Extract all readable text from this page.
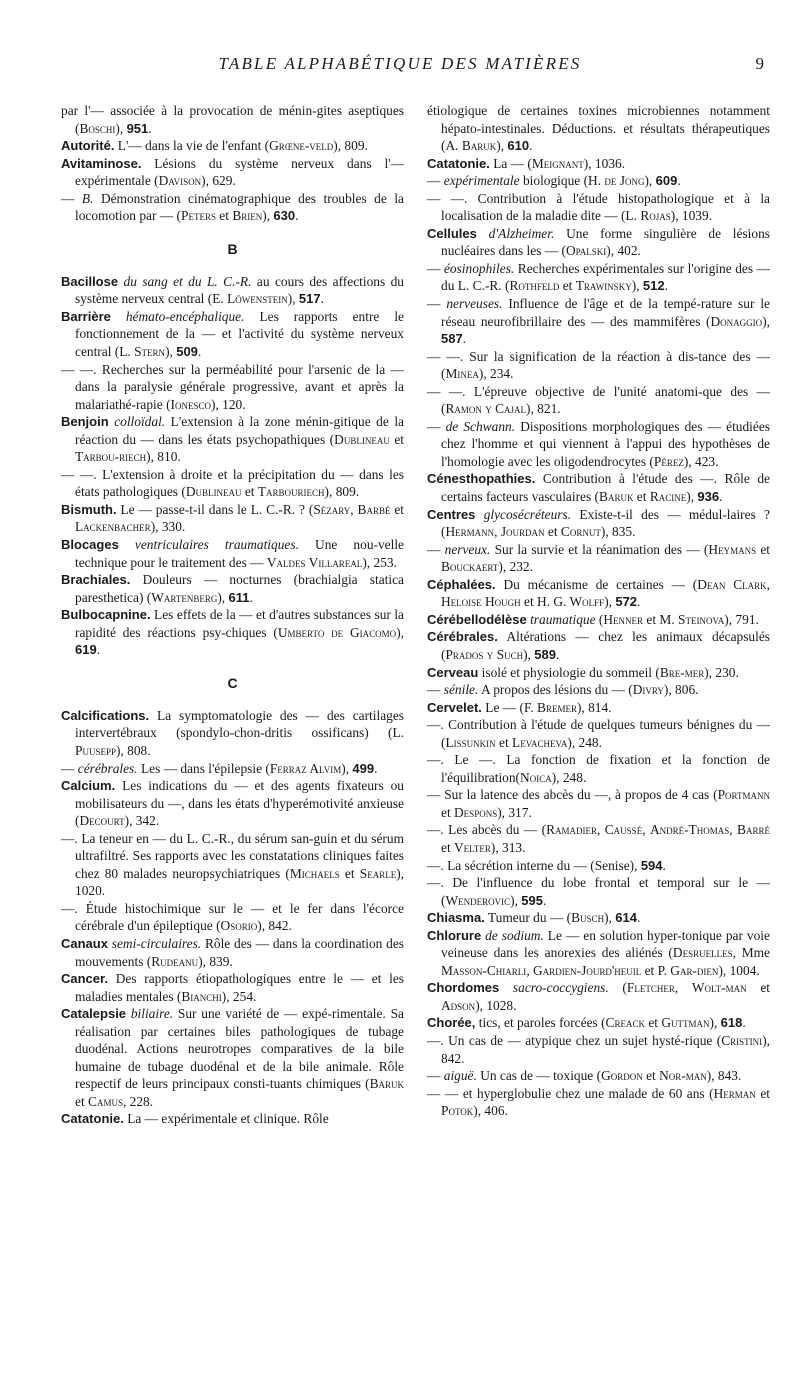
TABLE ALPHABÉTIQUE DES MATIÈRES	9
par l'— associée à la provocation de ménin-gites aseptiques (Boschi), 951.
Autorité. L'— dans la vie de l'enfant (Grœne-veld), 809.
Avitaminose. Lésions du système nerveux dans l'— expérimentale (Davison), 629.
— B. Démonstration cinématographique des troubles de la locomotion par — (Peters et Brien), 630.
B
Bacillose du sang et du L. C.-R. au cours des affections du système nerveux central (E. Löwenstein), 517.
Barrière hémato-encéphalique. Les rapports entre le fonctionnement de la — et l'activité du système nerveux central (L. Stern), 509.
— —. Recherches sur la perméabilité pour l'arsenic de la — dans la paralysie générale progressive, avant et après la malariathé-rapie (Ionesco), 120.
Benjoin colloïdal. L'extension à la zone ménin-gitique de la réaction du — dans les états psychopathiques (Dublineau et Tarbou-riech), 810.
— —. L'extension à droite et la précipitation du — dans les états pathologiques (Dublineau et Tarbouriech), 809.
Bismuth. Le — passe-t-il dans le L. C.-R. ? (Sézary, Barbé et Lackenbacher), 330.
Blocages ventriculaires traumatiques. Une nou-velle technique pour le traitement des — Valdes Villareal), 253.
Brachiales. Douleurs — nocturnes (brachialgia statica paresthetica) (Wartenberg), 611.
Bulbocapnine. Les effets de la — et d'autres substances sur la rapidité des réactions psy-chiques (Umberto de Giacomo), 619.
C
Calcifications. La symptomatologie des — des cartilages intervertébraux (spondylo-chon-dritis ossificans) (L. Puusepp), 808.
— cérébrales. Les — dans l'épilepsie (Ferraz Alvim), 499.
Calcium. Les indications du — et des agents fixateurs ou mobilisateurs du —, dans les états d'hyperémotivité anxieuse (Decourt), 342.
—. La teneur en — du L. C.-R., du sérum san-guin et du sérum ultrafiltré. Ses rapports avec les constatations cliniques faites chez 80 malades neuropsychiatriques (Michaels et Searle), 1020.
—. Étude histochimique sur le — et le fer dans l'écorce cérébrale d'un épileptique (Osorio), 842.
Canaux semi-circulaires. Rôle des — dans la coordination des mouvements (Rudeanu), 839.
Cancer. Des rapports étiopathologiques entre le — et les maladies mentales (Bianchi), 254.
Catalepsie biliaire. Sur une variété de — expé-rimentale. Sa réalisation par certaines biles pathologiques de tubage duodénal. Actions neurotropes comparatives de la bile humaine de tubage duodénal et de la bile animale. Rôle respectif de leurs principaux consti-tuants chimiques (Baruk et Camus, 228.
Catatonie. La — expérimentale et clinique. Rôle
étiologique de certaines toxines microbiennes notamment hépato-intestinales. Déductions. et résultats thérapeutiques (A. Baruk), 610.
Catatonie. La — (Meignant), 1036.
— expérimentale biologique (H. de Jong), 609.
— —. Contribution à l'étude histopathologique et à la localisation de la maladie dite — (L. Rojas), 1039.
Cellules d'Alzheimer. Une forme singulière de lésions nucléaires dans les — (Opalski), 402.
— éosinophiles. Recherches expérimentales sur l'origine des — du L. C.-R. (Rothfeld et Trawinsky), 512.
— nerveuses. Influence de l'âge et de la tempé-rature sur le réseau neurofibrillaire des — des mammifères (Donaggio), 587.
— —. Sur la signification de la réaction à dis-tance des — (Minea), 234.
— —. L'épreuve objective de l'unité anatomi-que des — (Ramon y Cajal), 821.
— de Schwann. Dispositions morphologiques des — étudiées chez l'homme et qui viennent à l'appui des hypothèses de l'homologie avec les oligodendrocytes (Pérez), 423.
Cénesthopathies. Contribution à l'étude des —. Rôle de certains facteurs vasculaires (Baruk et Racine), 936.
Centres glycosécréteurs. Existe-t-il des — médul-laires ? (Hermann, Jourdan et Cornut), 835.
— nerveux. Sur la survie et la réanimation des — (Heymans et Bouckaert), 232.
Céphalées. Du mécanisme de certaines — (Dean Clark, Heloise Hough et H. G. Wolff), 572.
Cérébellodélèse traumatique (Henner et M. Steinova), 791.
Cérébrales. Altérations — chez les animaux décapsulés (Prados y Such), 589.
Cerveau isolé et physiologie du sommeil (Bre-mer), 230.
— sénile. A propos des lésions du — (Divry), 806.
Cervelet. Le — (F. Bremer), 814.
—. Contribution à l'étude de quelques tumeurs bénignes du — (Lissunkin et Levacheva), 248.
—. Le —. La fonction de fixation et la fonction de l'équilibration(Noica), 248.
— Sur la latence des abcès du —, à propos de 4 cas (Portmann et Despons), 317.
—. Les abcès du — (Ramadier, Caussé, André-Thomas, Barré et Velter), 313.
—. La sécrétion interne du — (Senise), 594.
—. De l'influence du lobe frontal et temporal sur le — (Wenderovic), 595.
Chiasma. Tumeur du — (Busch), 614.
Chlorure de sodium. Le — en solution hyper-tonique par voie veineuse dans les anorexies des aliénés (Desruelles, Mme Masson-Chiarli, Gardien-Jourd'heuil et P. Gar-dien), 1004.
Chordomes sacro-coccygiens. (Fletcher, Wolt-man et Adson), 1028.
Chorée, tics, et paroles forcées (Creack et Guttman), 618.
—. Un cas de — atypique chez un sujet hysté-rique (Cristini), 842.
— aiguë. Un cas de — toxique (Gordon et Nor-man), 843.
— — et hyperglobulie chez une malade de 60 ans (Herman et Potok), 406.
